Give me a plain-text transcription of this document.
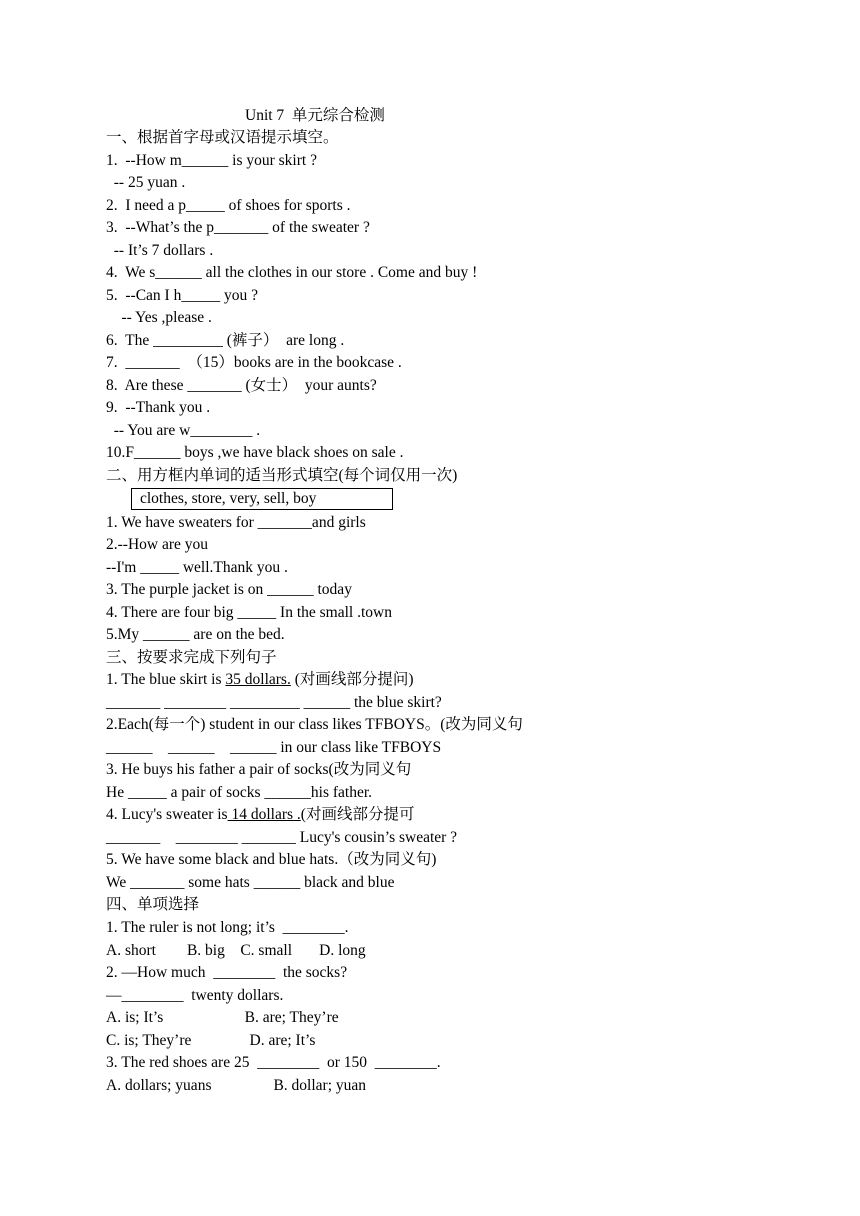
Unit 7  单元综合检测
一、根据首字母或汉语提示填空。
1.  --How m______ is your skirt ?
-- 25 yuan .
2.  I need a p_____ of shoes for sports .
3.  --What’s the p_______ of the sweater ?
-- It’s 7 dollars .
4.  We s______ all the clothes in our store . Come and buy !
5.  --Can I h_____ you ?
-- Yes ,please .
6.  The _________ (裤子）  are long .
7.  _______  （15）books are in the bookcase .
8.  Are these _______ (女士）  your aunts?
9.  --Thank you .
-- You are w________ .
10.F______ boys ,we have black shoes on sale .
二、用方框内单词的适当形式填空(每个词仅用一次)
clothes, store, very, sell, boy
1. We have sweaters for _______and girls
2.--How are you
--I'm _____ well.Thank you .
3. The purple jacket is on ______ today
4. There are four big _____ In the small .town
5.My ______ are on the bed.
三、按要求完成下列句子
1. The blue skirt is 35 dollars. (对画线部分提问)
_______ ________ _________ ______ the blue skirt?
2.Each(每一个) student in our class likes TFBOYS。(改为同义句
______    ______    ______ in our class like TFBOYS
3. He buys his father a pair of socks(改为同义句
He _____ a pair of socks ______his father.
4. Lucy's sweater is 14 dollars .(对画线部分提可
_______    ________ _______ Lucy's cousin’s sweater ?
5. We have some black and blue hats.（改为同义句)
We _______ some hats ______ black and blue
四、单项选择
1. The ruler is not long; it’s  ________.
A. short        B. big    C. small       D. long
2. —How much  ________  the socks?
—________  twenty dollars.
A. is; It’s                     B. are; They’re
C. is; They’re               D. are; It’s
3. The red shoes are 25  ________  or 150  ________.
A. dollars; yuans                B. dollar; yuan
